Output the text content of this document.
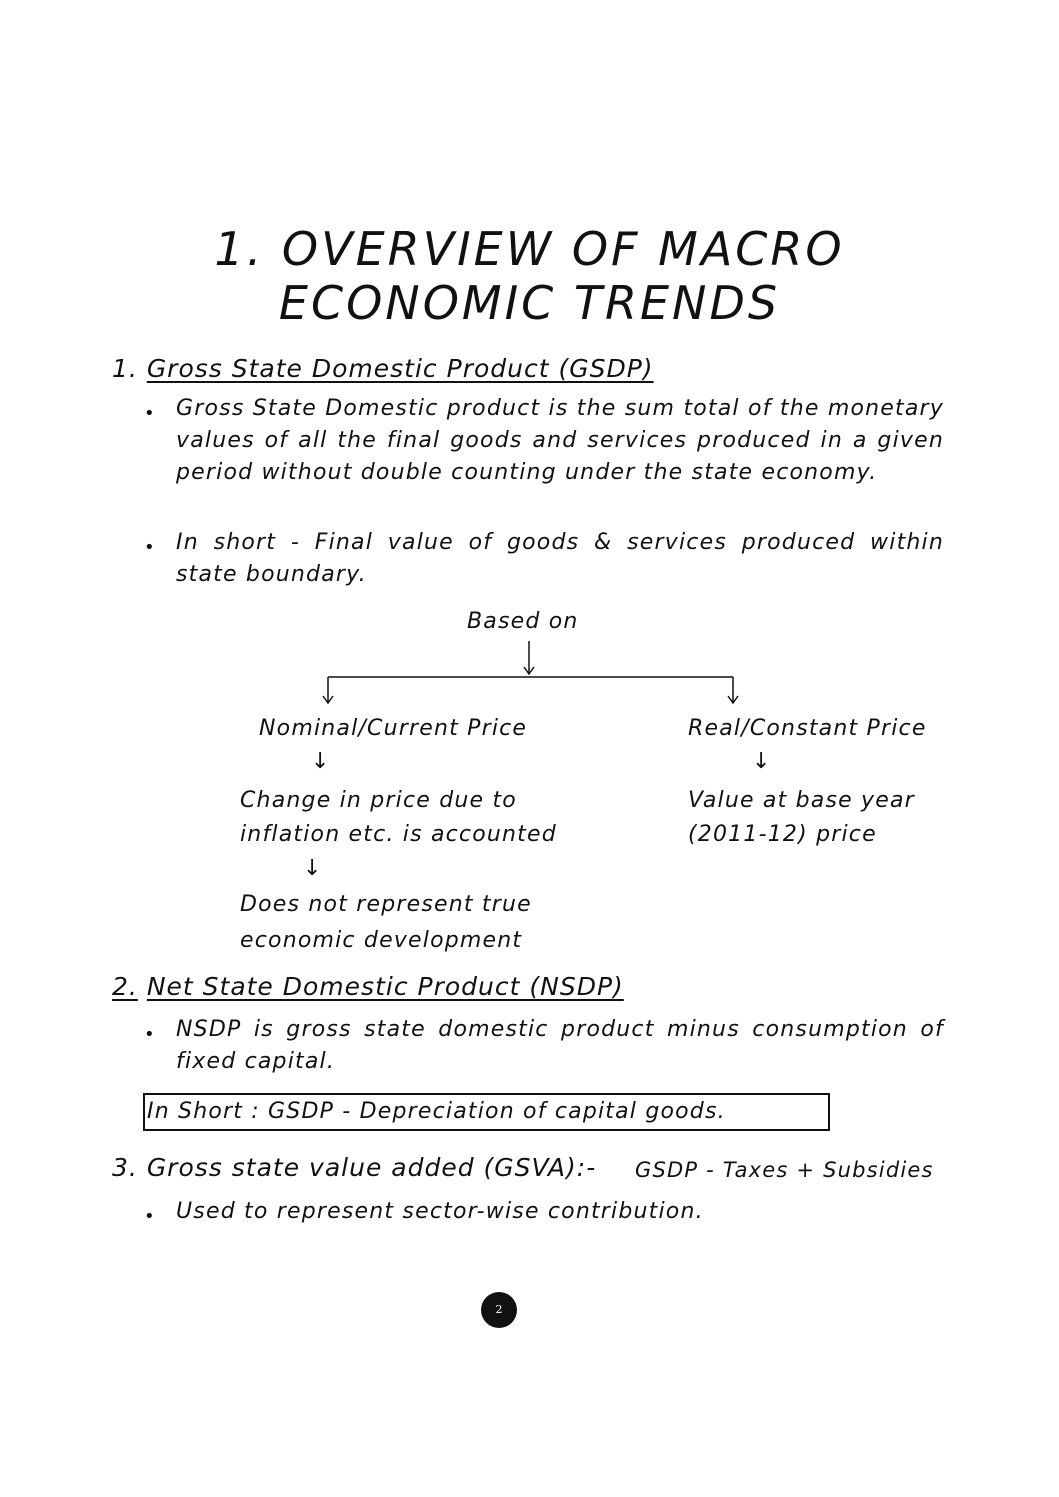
1. OVERVIEW OF MACRO
ECONOMIC TRENDS
1. Gross State Domestic Product (GSDP)
• Gross State Domestic product is the sum total of the monetary values of all the final goods and services produced in a given period without double counting under the state economy.
• In short - Final value of goods & services produced within state boundary.
Based on
Nominal/Current Price	Real/Constant Price
↓	↓
Change in price due to
inflation etc. is accounted
Value at base year
(2011-12) price
↓
Does not represent true
economic development
2. Net State Domestic Product (NSDP)
• NSDP is gross state domestic product minus consumption of fixed capital.
In Short : GSDP - Depreciation of capital goods.
3. Gross state value added (GSVA):- GSDP - Taxes + Subsidies
• Used to represent sector-wise contribution.
2
